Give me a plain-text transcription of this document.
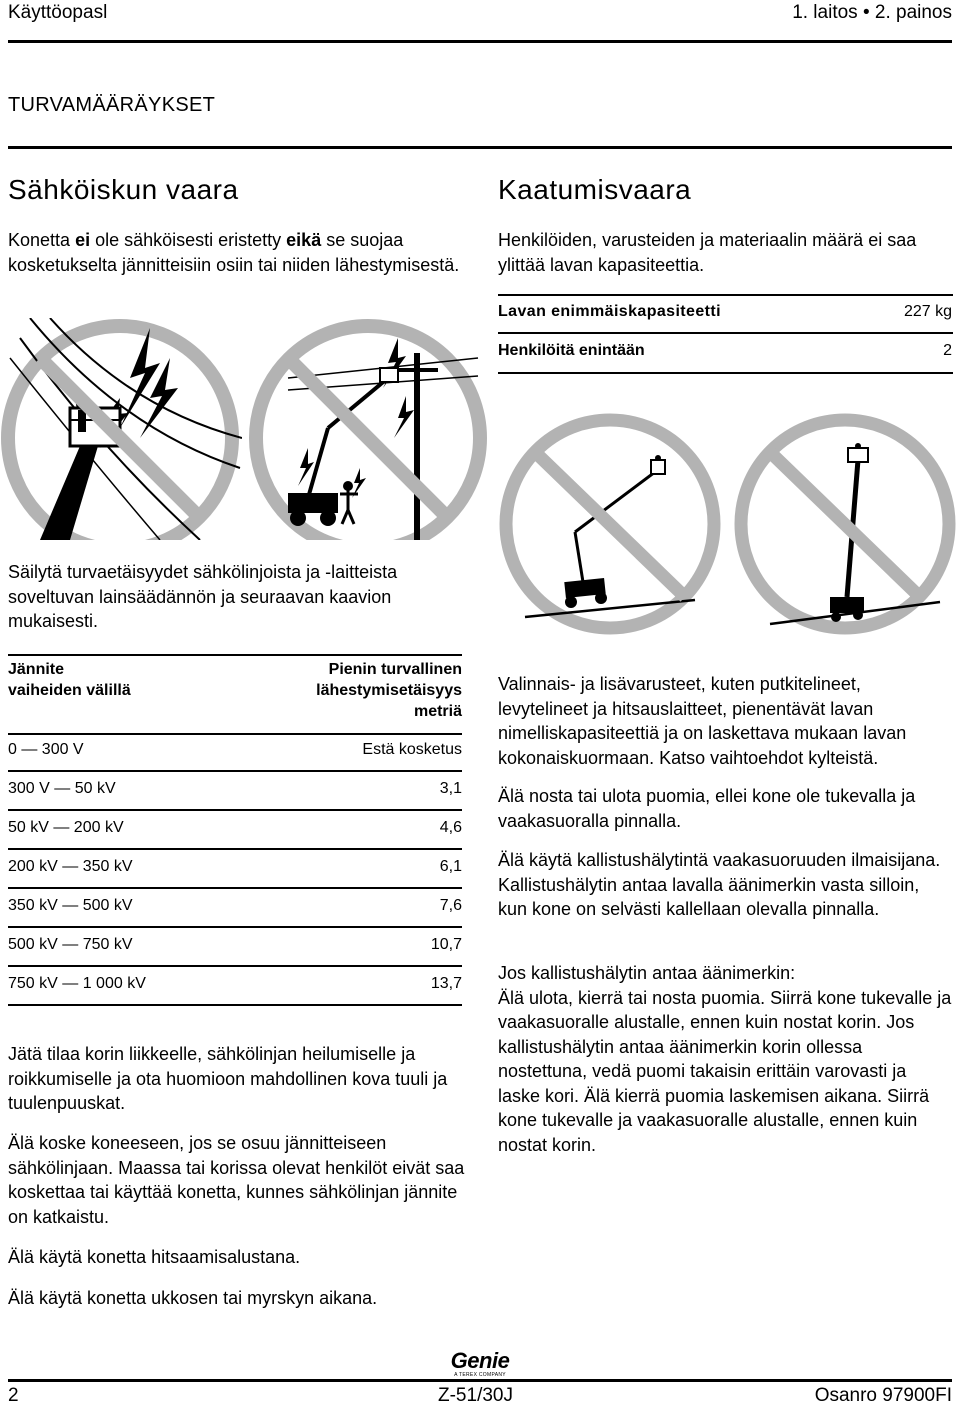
Käyttöopasl	1. laitos • 2. painos
TURVAMÄÄRÄYKSET
Sähköiskun vaara
Konetta ei ole sähköisesti eristetty eikä se suojaa kosketukselta jännitteisiin osiin tai niiden lähestymisestä.
Kaatumisvaara
Henkilöiden, varusteiden ja materiaalin määrä ei saa ylittää lavan kapasiteettia.
Lavan enimmäiskapasiteetti	227 kg
Henkilöitä enintään	2
Säilytä turvaetäisyydet sähkölinjoista ja -laitteista soveltuvan lainsäädännön ja seuraavan kaavion mukaisesti.
Jännite
vaiheiden välillä
Pienin turvallinen
lähestymisetäisyys
metriä
0 — 300 V	Estä kosketus
300 V — 50 kV	3,1
50 kV — 200 kV	4,6
200 kV — 350 kV	6,1
350 kV — 500 kV	7,6
500 kV — 750 kV	10,7
750 kV — 1 000 kV	13,7
Jätä tilaa korin liikkeelle, sähkölinjan heilumiselle ja roikkumiselle ja ota huomioon mahdollinen kova tuuli ja tuulenpuuskat.
Älä koske koneeseen, jos se osuu jännitteiseen sähkölinjaan. Maassa tai korissa olevat henkilöt eivät saa koskettaa tai käyttää konetta, kunnes sähkölinjan jännite on katkaistu.
Älä käytä konetta hitsaamisalustana.
Älä käytä konetta ukkosen tai myrskyn aikana.
Valinnais- ja lisävarusteet, kuten putkitelineet, levytelineet ja hitsauslaitteet, pienentävät lavan nimelliskapasiteettiä ja on laskettava mukaan lavan kokonaiskuormaan. Katso vaihtoehdot kylteistä.
Älä nosta tai ulota puomia, ellei kone ole tukevalla ja vaakasuoralla pinnalla.
Älä käytä kallistushälytintä vaakasuoruuden ilmaisijana. Kallistushälytin antaa lavalla äänimerkin vasta silloin, kun kone on selvästi kallellaan olevalla pinnalla.
Jos kallistushälytin antaa äänimerkin:
Älä ulota, kierrä tai nosta puomia. Siirrä kone tukevalle ja vaakasuoralle alustalle, ennen kuin nostat korin. Jos kallistushälytin antaa äänimerkin korin ollessa nostettuna, vedä puomi takaisin erittäin varovasti ja laske kori. Älä kierrä puomia laskemisen aikana. Siirrä kone tukevalle ja vaakasuoralle alustalle, ennen kuin nostat korin.
Genie
A TEREX COMPANY
2	Z-51/30J	Osanro 97900FI
